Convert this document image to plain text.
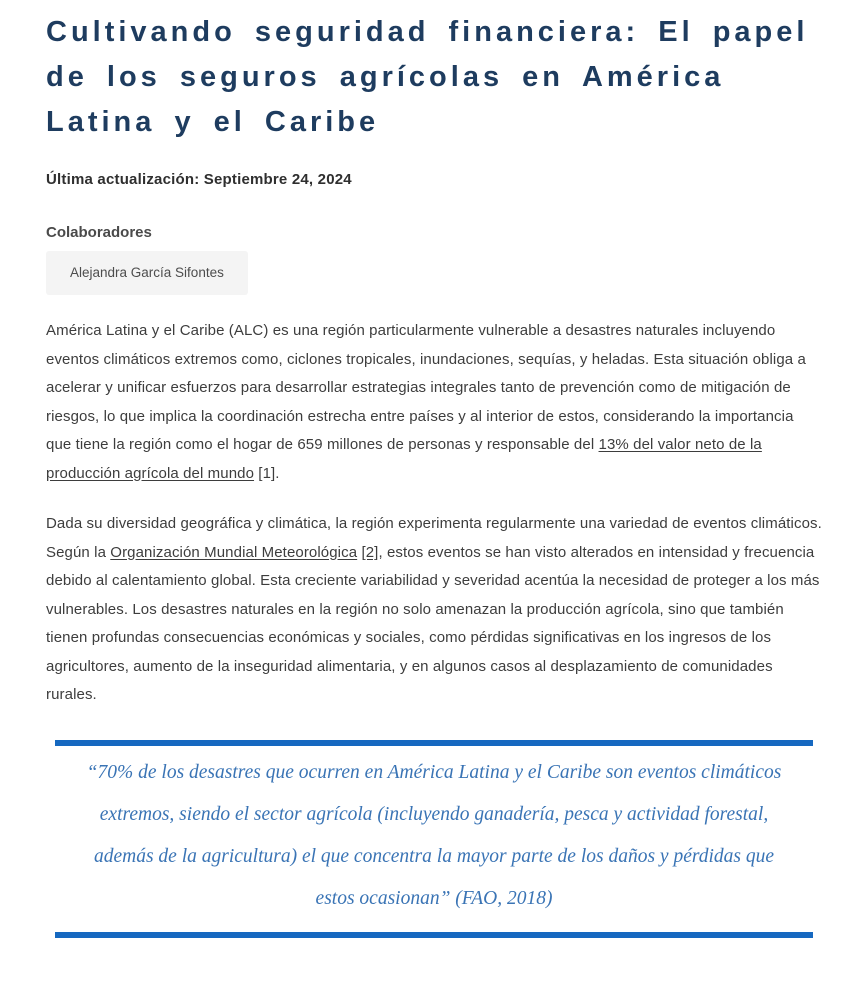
Cultivando seguridad financiera: El papel de los seguros agrícolas en América Latina y el Caribe

Última actualización: Septiembre 24, 2024

Colaboradores
Alejandra García Sifontes

América Latina y el Caribe (ALC) es una región particularmente vulnerable a desastres naturales incluyendo eventos climáticos extremos como, ciclones tropicales, inundaciones, sequías, y heladas. Esta situación obliga a acelerar y unificar esfuerzos para desarrollar estrategias integrales tanto de prevención como de mitigación de riesgos, lo que implica la coordinación estrecha entre países y al interior de estos, considerando la importancia que tiene la región como el hogar de 659 millones de personas y responsable del 13% del valor neto de la producción agrícola del mundo [1].

Dada su diversidad geográfica y climática, la región experimenta regularmente una variedad de eventos climáticos. Según la Organización Mundial Meteorológica [2], estos eventos se han visto alterados en intensidad y frecuencia debido al calentamiento global. Esta creciente variabilidad y severidad acentúa la necesidad de proteger a los más vulnerables. Los desastres naturales en la región no solo amenazan la producción agrícola, sino que también tienen profundas consecuencias económicas y sociales, como pérdidas significativas en los ingresos de los agricultores, aumento de la inseguridad alimentaria, y en algunos casos al desplazamiento de comunidades rurales.

“70% de los desastres que ocurren en América Latina y el Caribe son eventos climáticos extremos, siendo el sector agrícola (incluyendo ganadería, pesca y actividad forestal, además de la agricultura) el que concentra la mayor parte de los daños y pérdidas que estos ocasionan” (FAO, 2018)
